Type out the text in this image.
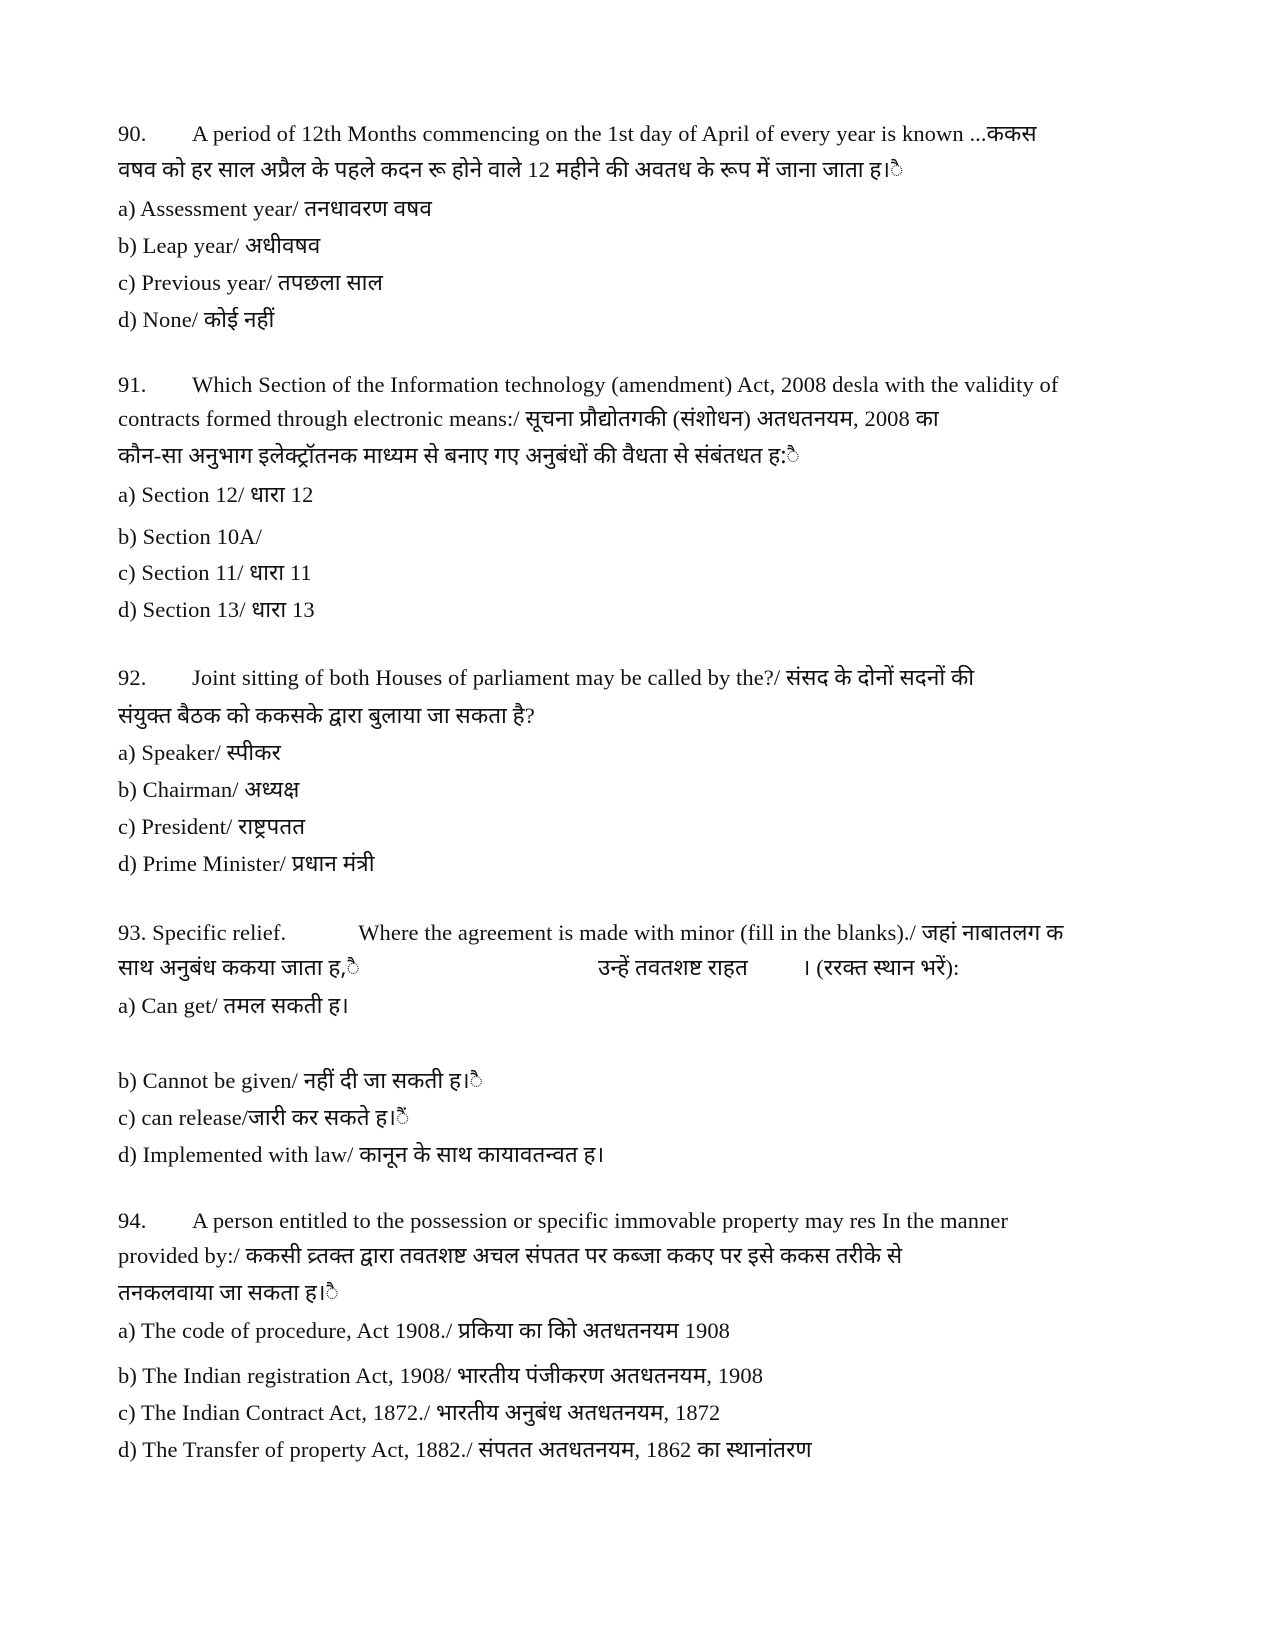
90. A period of 12th Months commencing on the 1st day of April of every year is known ...ककस
वषव को हर साल अप्रैल के पहले कदन रू होने वाले 12 महीने की अवतध के रूप में जाना जाता ह।ै
a) Assessment year/ तनधावरण वषव
b) Leap year/ अधीवषव
c) Previous year/ तपछला साल
d) None/ कोई नहीं
91. Which Section of the Information technology (amendment) Act, 2008 desla with the validity of
contracts formed through electronic means:/ सूचना प्रौद्योतगकी (संशोधन) अतधतनयम, 2008 का
कौन-सा अनुभाग इलेक्ट्रॉतनक माध्यम से बनाए गए अनुबंधों की वैधता से संबंतधत ह:ै
a) Section 12/ धारा 12
b) Section 10A/
c) Section 11/ धारा 11
d) Section 13/ धारा 13
92. Joint sitting of both Houses of parliament may be called by the?/ संसद के दोनों सदनों की
संयुक्त बैठक को ककसके द्वारा बुलाया जा सकता है?
a) Speaker/ स्पीकर
b) Chairman/ अध्यक्ष
c) President/ राष्ट्रपतत
d) Prime Minister/ प्रधान मंत्री
93. Specific relief.	Where the agreement is made with minor (fill in the blanks)./ जहां नाबातलग क
साथ अनुबंध ककया जाता ह,ै	उन्हें तवतशष्ट राहत । (ररक्त स्थान भरें):
a) Can get/ तमल सकती ह।
b) Cannot be given/ नहीं दी जा सकती ह।ै
c) can release/जारी कर सकते ह।ैं
d) Implemented with law/ कानून के साथ कायावतन्वत ह।
94. A person entitled to the possession or specific immovable property may res In the manner
provided by:/ ककसी व्र्तक्त द्वारा तवतशष्ट अचल संपतत पर कब्जा ककए पर इसे ककस तरीके से
तनकलवाया जा सकता ह।ै
a) The code of procedure, Act 1908./ प्रकिया का किो अतधतनयम 1908
b) The Indian registration Act, 1908/ भारतीय पंजीकरण अतधतनयम, 1908
c) The Indian Contract Act, 1872./ भारतीय अनुबंध अतधतनयम, 1872
d) The Transfer of property Act, 1882./ संपतत अतधतनयम, 1862 का स्थानांतरण
